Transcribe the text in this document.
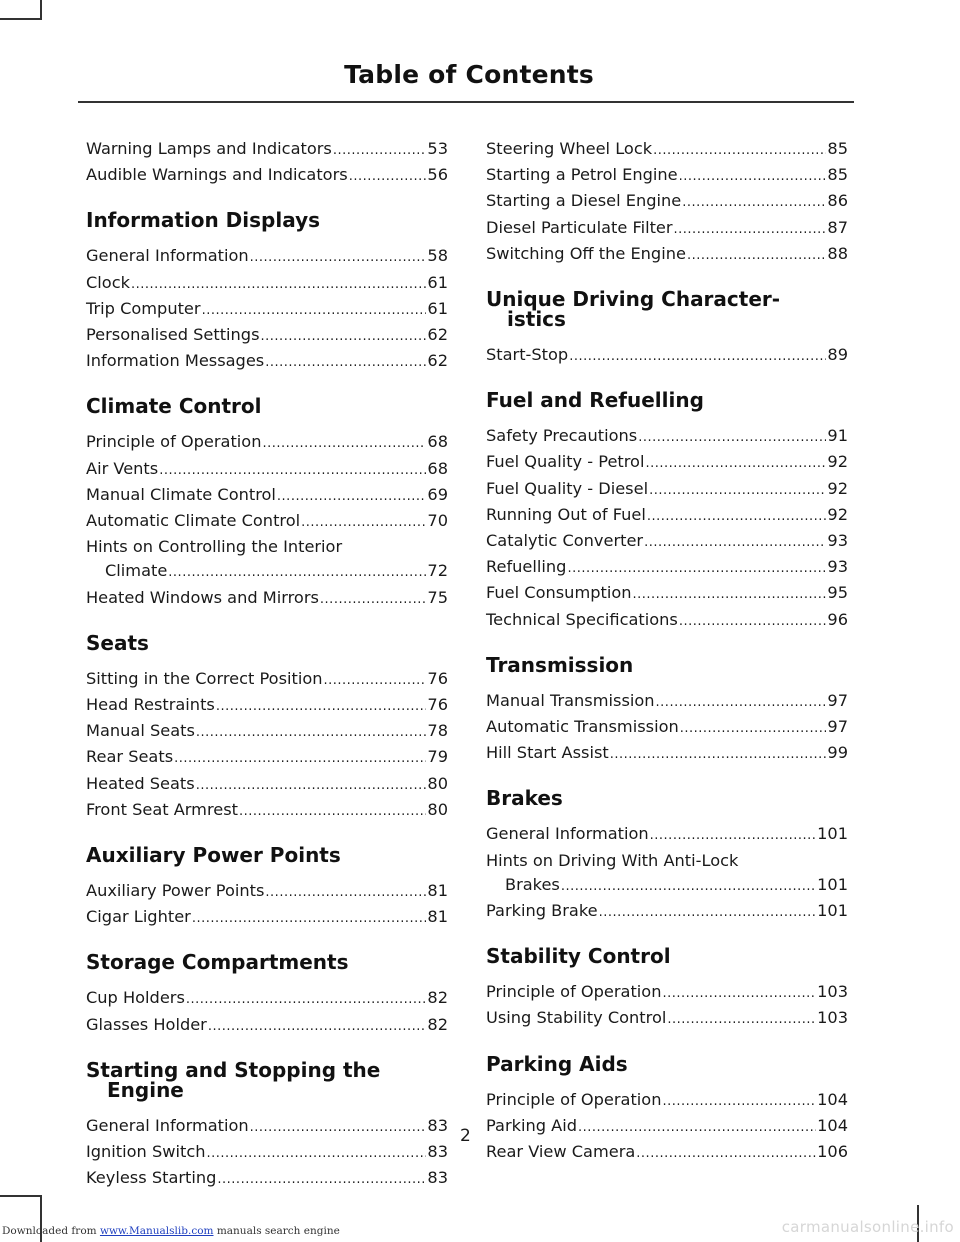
Table of Contents
Warning Lamps and Indicators .....	53
Audible Warnings and Indicators .....	56
Information Displays
General Information .....	58
Clock .....	61
Trip Computer .....	61
Personalised Settings .....	62
Information Messages .....	62
Climate Control
Principle of Operation .....	68
Air Vents .....	68
Manual Climate Control .....	69
Automatic Climate Control .....	70
Hints on Controlling the Interior
Climate .....	72
Heated Windows and Mirrors .....	75
Seats
Sitting in the Correct Position .....	76
Head Restraints .....	76
Manual Seats .....	78
Rear Seats .....	79
Heated Seats .....	80
Front Seat Armrest .....	80
Auxiliary Power Points
Auxiliary Power Points .....	81
Cigar Lighter .....	81
Storage Compartments
Cup Holders .....	82
Glasses Holder .....	82
Starting and Stopping the
Engine
General Information .....	83
Ignition Switch .....	83
Keyless Starting .....	83
Steering Wheel Lock .....	85
Starting a Petrol Engine .....	85
Starting a Diesel Engine .....	86
Diesel Particulate Filter .....	87
Switching Off the Engine .....	88
Unique Driving Character-
istics
Start-Stop .....	89
Fuel and Refuelling
Safety Precautions .....	91
Fuel Quality - Petrol .....	92
Fuel Quality - Diesel .....	92
Running Out of Fuel .....	92
Catalytic Converter .....	93
Refuelling .....	93
Fuel Consumption .....	95
Technical Specifications .....	96
Transmission
Manual Transmission .....	97
Automatic Transmission .....	97
Hill Start Assist .....	99
Brakes
General Information .....	101
Hints on Driving With Anti-Lock
Brakes .....	101
Parking Brake .....	101
Stability Control
Principle of Operation .....	103
Using Stability Control .....	103
Parking Aids
Principle of Operation .....	104
Parking Aid .....	104
Rear View Camera .....	106
2
Downloaded from www.Manualslib.com manuals search engine	carmanualsonline.info
